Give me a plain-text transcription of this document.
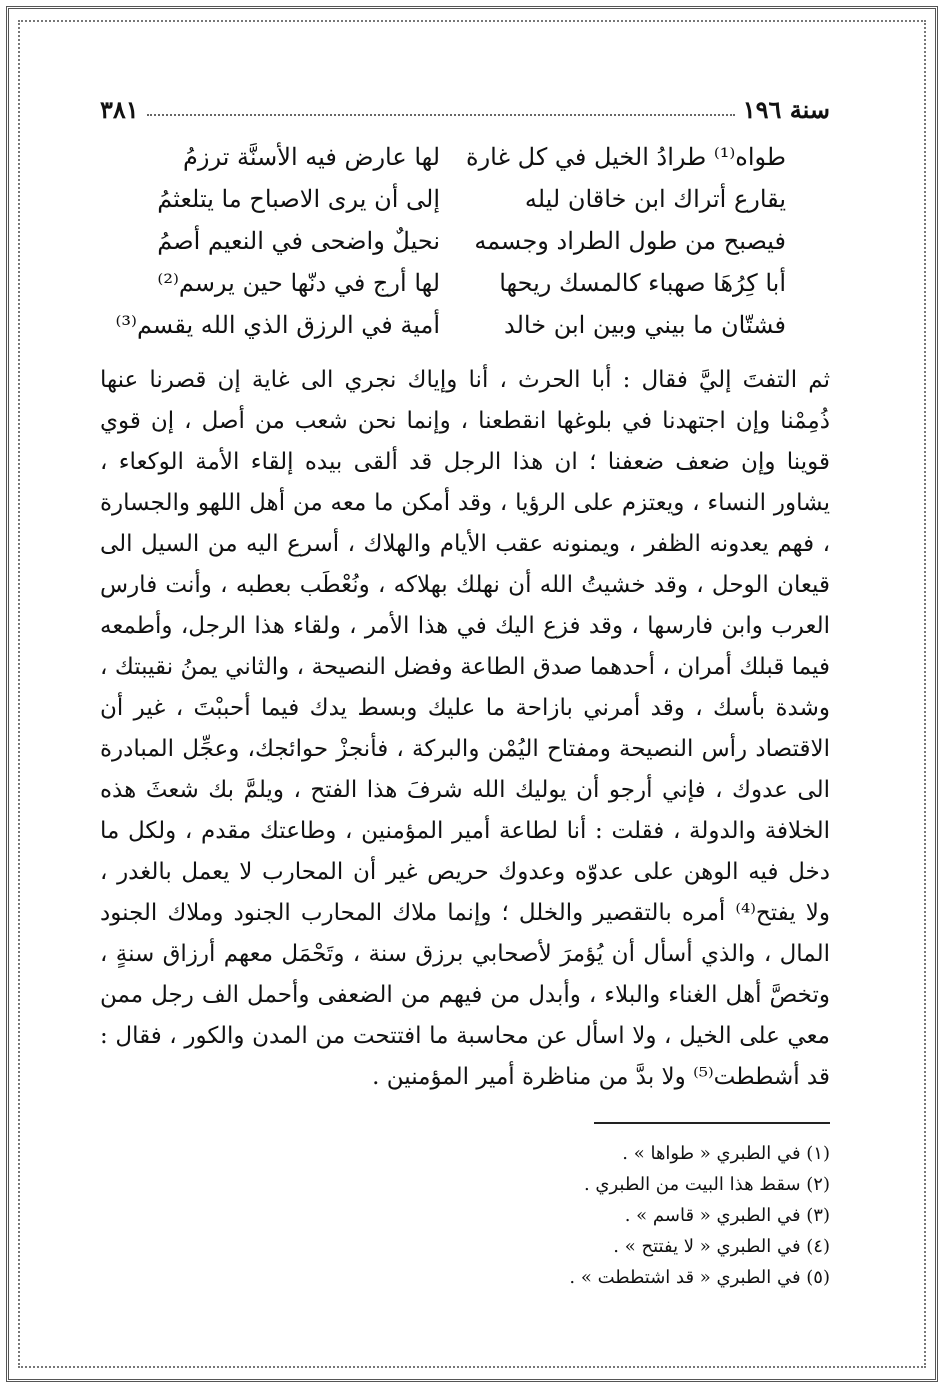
سنة ١٩٦
٣٨١
طواه⁽¹⁾ طرادُ الخيل في كل غارة
لها عارض فيه الأسنَّة ترزمُ
يقارع أتراك ابن خاقان ليله
إلى أن يرى الاصباح ما يتلعثمُ
فيصبح من طول الطراد وجسمه
نحيلٌ واضحى في النعيم أصمُ
أبا كِرُهَا صهباء كالمسك ريحها
لها أرج في دنّها حين يرسم⁽²⁾
فشتّان ما بيني وبين ابن خالد
أمية في الرزق الذي الله يقسم⁽³⁾
ثم التفتَ إليَّ فقال : أبا الحرث ، أنا وإياك نجري الى غاية إن قصرنا عنها ذُمِمْنا وإن اجتهدنا في بلوغها انقطعنا ، وإنما نحن شعب من أصل ، إن قوي قوينا وإن ضعف ضعفنا ؛ ان هذا الرجل قد ألقى بيده إلقاء الأمة الوكعاء ، يشاور النساء ، ويعتزم على الرؤيا ، وقد أمكن ما معه من أهل اللهو والجسارة ، فهم يعدونه الظفر ، ويمنونه عقب الأيام والهلاك ، أسرع اليه من السيل الى قيعان الوحل ، وقد خشيتُ الله أن نهلك بهلاكه ، ونُعْطَب بعطبه ، وأنت فارس العرب وابن فارسها ، وقد فزع اليك في هذا الأمر ، ولقاء هذا الرجل، وأطمعه فيما قبلك أمران ، أحدهما صدق الطاعة وفضل النصيحة ، والثاني يمنُ نقيبتك ، وشدة بأسك ، وقد أمرني بازاحة ما عليك وبسط يدك فيما أحببْتَ ، غير أن الاقتصاد رأس النصيحة ومفتاح اليُمْن والبركة ، فأنجزْ حوائجك، وعجِّل المبادرة الى عدوك ، فإني أرجو أن يوليك الله شرفَ هذا الفتح ، ويلمَّ بك شعثَ هذه الخلافة والدولة ، فقلت : أنا لطاعة أمير المؤمنين ، وطاعتك مقدم ، ولكل ما دخل فيه الوهن على عدوّه وعدوك حريص غير أن المحارب لا يعمل بالغدر ، ولا يفتح⁽⁴⁾ أمره بالتقصير والخلل ؛ وإنما ملاك المحارب الجنود وملاك الجنود المال ، والذي أسأل أن يُؤمرَ لأصحابي برزق سنة ، وتَحْمَل معهم أرزاق سنةٍ ، وتخصَّ أهل الغناء والبلاء ، وأبدل من فيهم من الضعفى وأحمل الف رجل ممن معي على الخيل ، ولا اسأل عن محاسبة ما افتتحت من المدن والكور ، فقال : قد أشططت⁽⁵⁾ ولا بدَّ من مناظرة أمير المؤمنين .
(١) في الطبري « طواها » .
(٢) سقط هذا البيت من الطبري .
(٣) في الطبري « قاسم » .
(٤) في الطبري « لا يفتتح » .
(٥) في الطبري « قد اشتططت » .
